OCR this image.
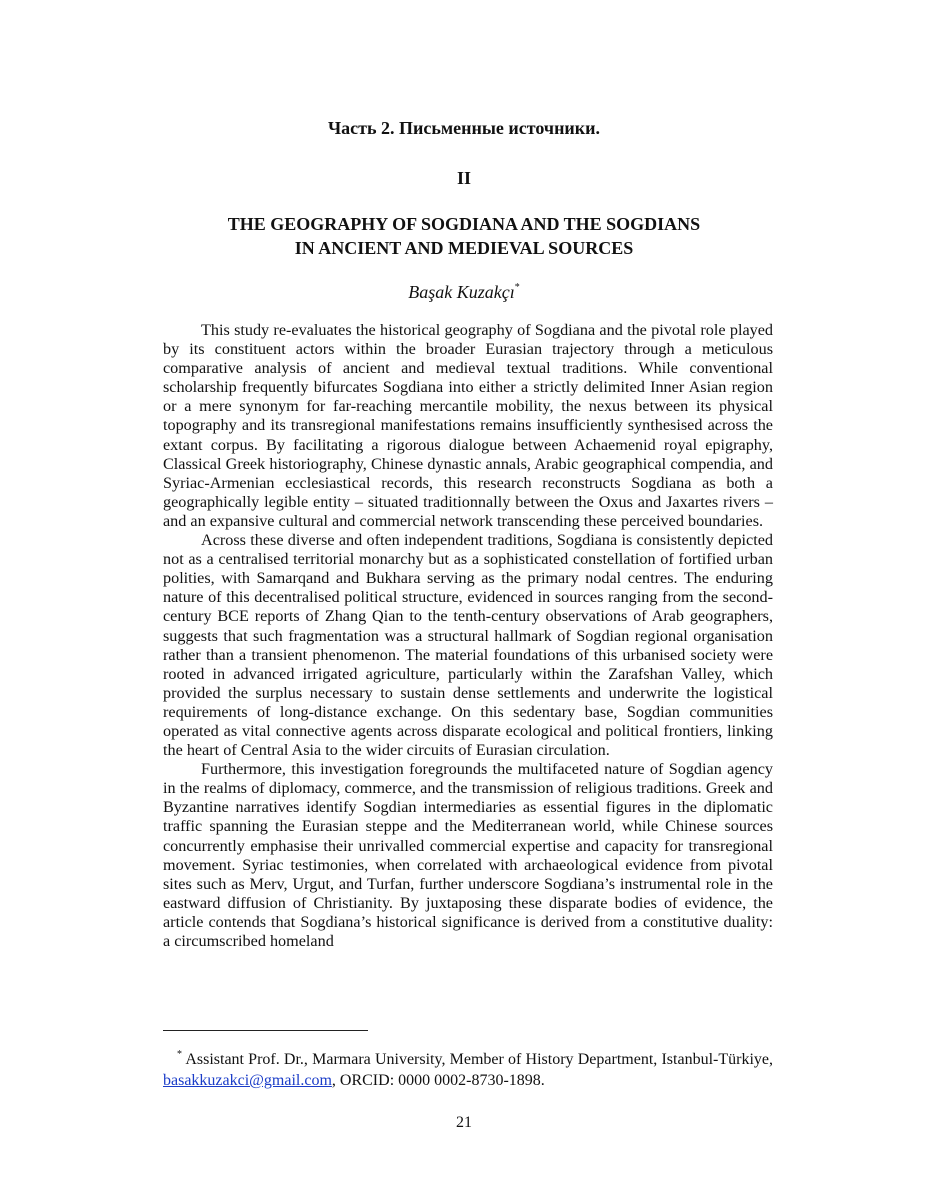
Часть 2. Письменные источники.
II
THE GEOGRAPHY OF SOGDIANA AND THE SOGDIANS
IN ANCIENT AND MEDIEVAL SOURCES

Başak Kuzakçı*

This study re-evaluates the historical geography of Sogdiana and the pivotal role played by its constituent actors within the broader Eurasian trajectory through a meticulous comparative analysis of ancient and medieval textual traditions. While conventional scholarship frequently bifurcates Sogdiana into either a strictly delimited Inner Asian region or a mere synonym for far-reaching mercantile mobility, the nexus between its physical topography and its transregional manifestations remains insufficiently synthesised across the extant corpus. By facilitating a rigorous dialogue between Achaemenid royal epigraphy, Classical Greek historiography, Chinese dynastic annals, Arabic geographical compendia, and Syriac-Armenian ecclesiastical records, this research reconstructs Sogdiana as both a geographically legible entity – situated traditionnally between the Oxus and Jaxartes rivers – and an expansive cultural and commercial network transcending these perceived boundaries.

Across these diverse and often independent traditions, Sogdiana is consistently depicted not as a centralised territorial monarchy but as a sophisticated constellation of fortified urban polities, with Samarqand and Bukhara serving as the primary nodal centres. The enduring nature of this decentralised political structure, evidenced in sources ranging from the second-century BCE reports of Zhang Qian to the tenth-century observations of Arab geographers, suggests that such fragmentation was a structural hallmark of Sogdian regional organisation rather than a transient phenomenon. The material foundations of this urbanised society were rooted in advanced irrigated agriculture, particularly within the Zarafshan Valley, which provided the surplus necessary to sustain dense settlements and underwrite the logistical requirements of long-distance exchange. On this sedentary base, Sogdian communities operated as vital connective agents across disparate ecological and political frontiers, linking the heart of Central Asia to the wider circuits of Eurasian circulation.

Furthermore, this investigation foregrounds the multifaceted nature of Sogdian agency in the realms of diplomacy, commerce, and the transmission of religious traditions. Greek and Byzantine narratives identify Sogdian intermediaries as essential figures in the diplomatic traffic spanning the Eurasian steppe and the Mediterranean world, while Chinese sources concurrently emphasise their unrivalled commercial expertise and capacity for transregional movement. Syriac testimonies, when correlated with archaeological evidence from pivotal sites such as Merv, Urgut, and Turfan, further underscore Sogdiana’s instrumental role in the eastward diffusion of Christianity. By juxtaposing these disparate bodies of evidence, the article contends that Sogdiana’s historical significance is derived from a constitutive duality: a circumscribed homeland

* Assistant Prof. Dr., Marmara University, Member of History Department, Istanbul-Türkiye, basakkuzakci@gmail.com, ORCID: 0000 0002-8730-1898.

21
